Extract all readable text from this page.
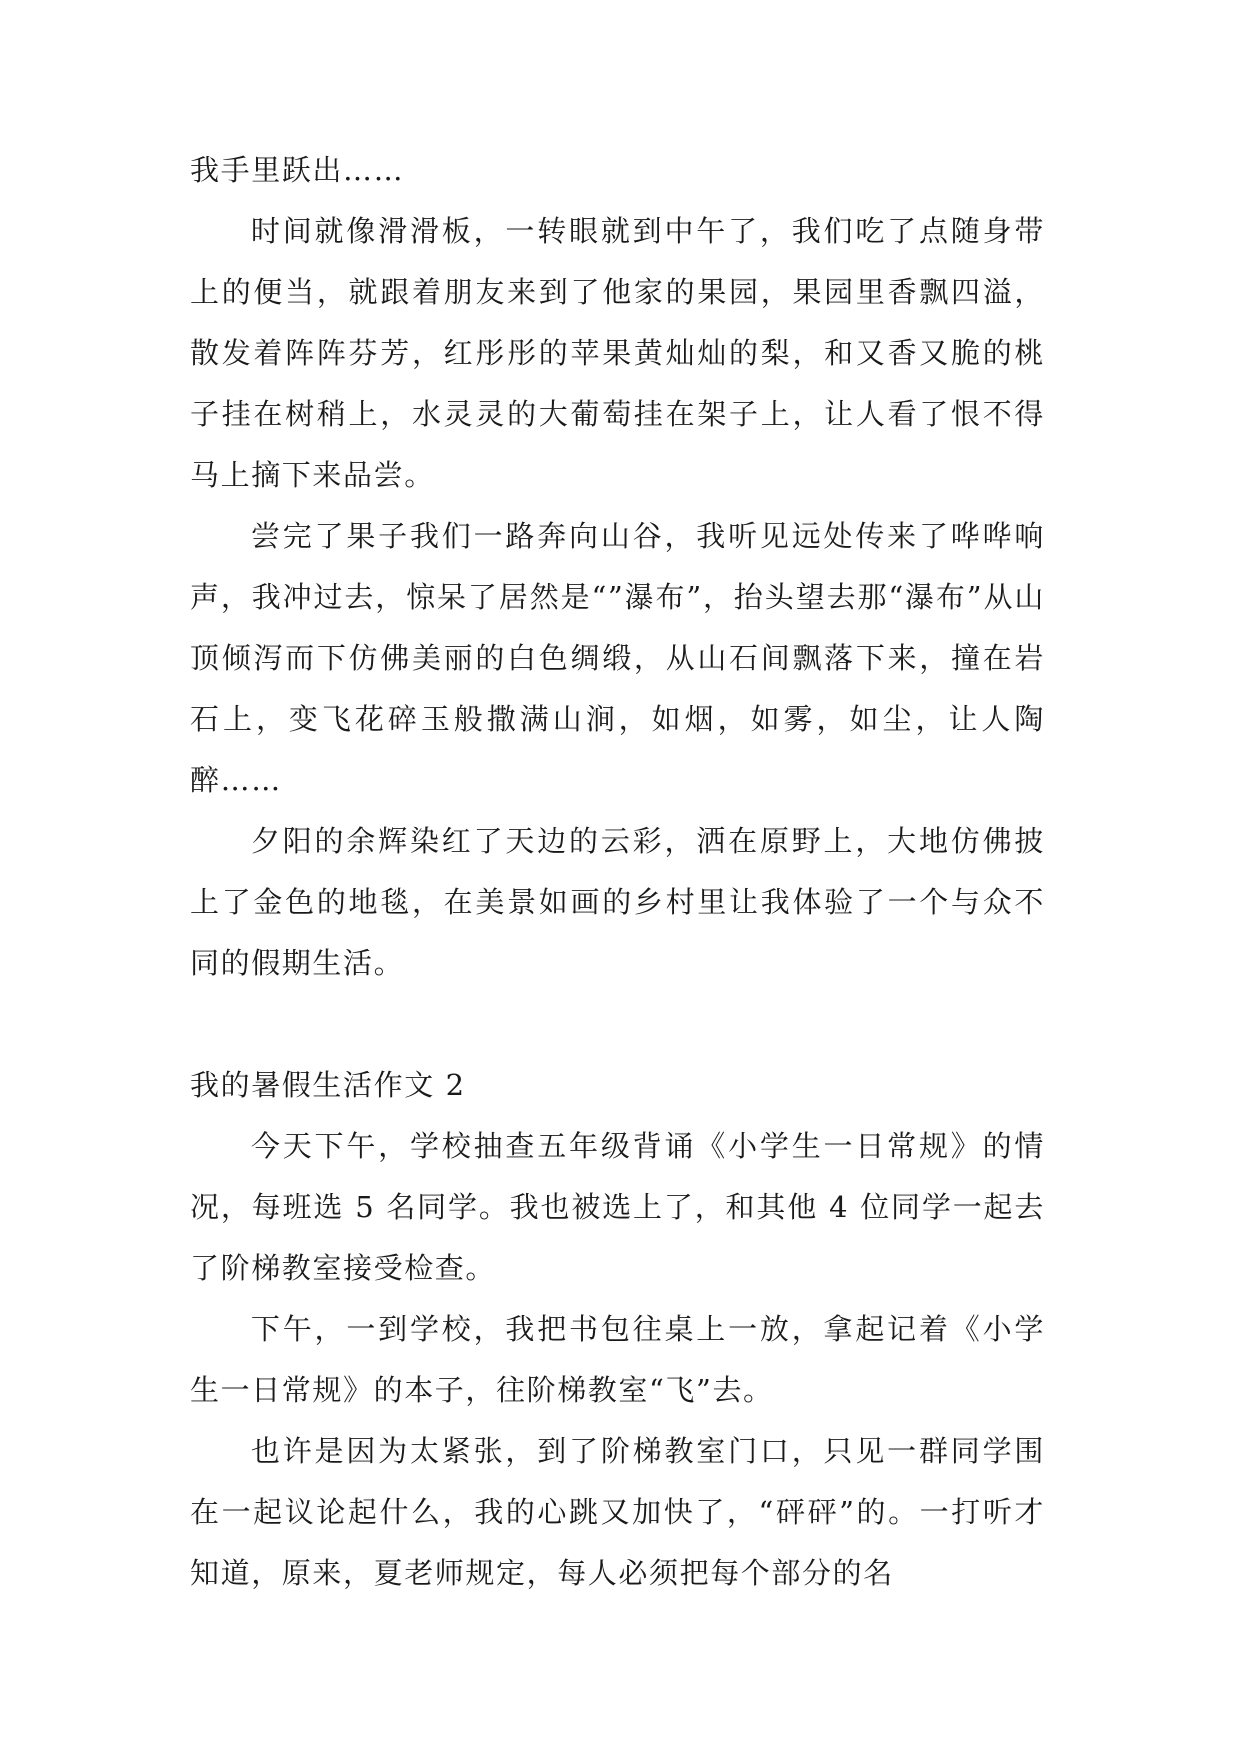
我手里跃出……

时间就像滑滑板，一转眼就到中午了，我们吃了点随身带上的便当，就跟着朋友来到了他家的果园，果园里香飘四溢，散发着阵阵芬芳，红彤彤的苹果黄灿灿的梨，和又香又脆的桃子挂在树稍上，水灵灵的大葡萄挂在架子上，让人看了恨不得马上摘下来品尝。

尝完了果子我们一路奔向山谷，我听见远处传来了哗哗响声，我冲过去，惊呆了居然是“”瀑布”，抬头望去那“瀑布”从山顶倾泻而下仿佛美丽的白色绸缎，从山石间飘落下来，撞在岩石上，变飞花碎玉般撒满山涧，如烟，如雾，如尘，让人陶醉……

夕阳的余辉染红了天边的云彩，洒在原野上，大地仿佛披上了金色的地毯，在美景如画的乡村里让我体验了一个与众不同的假期生活。

我的暑假生活作文 2

今天下午，学校抽查五年级背诵《小学生一日常规》的情况，每班选 5 名同学。我也被选上了，和其他 4 位同学一起去了阶梯教室接受检查。

下午，一到学校，我把书包往桌上一放，拿起记着《小学生一日常规》的本子，往阶梯教室“飞”去。

也许是因为太紧张，到了阶梯教室门口，只见一群同学围在一起议论起什么，我的心跳又加快了，“砰砰”的。一打听才知道，原来，夏老师规定，每人必须把每个部分的名
